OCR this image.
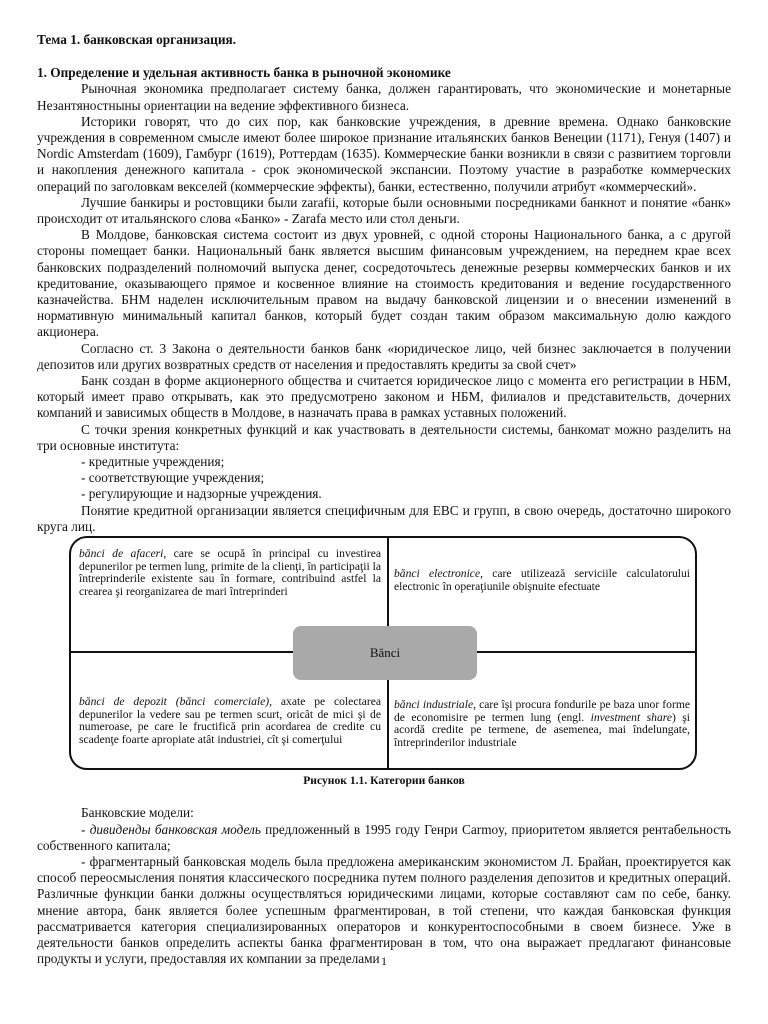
Тема 1. банковская организация.

1. Определение и удельная активность банка в рыночной экономике

Рыночная экономика предполагает систему банка, должен гарантировать, что экономические и монетарные Незантяностныны ориентации на ведение эффективного бизнеса.

Историки говорят, что до сих пор, как банковские учреждения, в древние времена. Однако банковские учреждения в современном смысле имеют более широкое признание итальянских банков Венеции (1171), Генуя (1407) и Nordic Amsterdam (1609), Гамбург (1619), Роттердам (1635). Коммерческие банки возникли в связи с развитием торговли и накопления денежного капитала - срок экономической экспансии. Поэтому участие в разработке коммерческих операций по заголовкам векселей (коммерческие эффекты), банки, естественно, получили атрибут «коммерческий».

Лучшие банкиры и ростовщики были zarafii, которые были основными посредниками банкнот и понятие «банк» происходит от итальянского слова «Банко» - Zarafa место или стол деньги.

В Молдове, банковская система состоит из двух уровней, с одной стороны Национального банка, а с другой стороны помещает банки. Национальный банк является высшим финансовым учреждением, на переднем крае всех банковских подразделений полномочий выпуска денег, сосредоточьтесь денежные резервы коммерческих банков и их кредитование, оказывающего прямое и косвенное влияние на стоимость кредитования и ведение государственного казначейства. БНМ наделен исключительным правом на выдачу банковской лицензии и о внесении изменений в нормативную минимальный капитал банков, который будет создан таким образом максимальную долю каждого акционера.

Согласно ст. 3 Закона о деятельности банков банк «юридическое лицо, чей бизнес заключается в получении депозитов или других возвратных средств от населения и предоставлять кредиты за свой счет»

Банк создан в форме акционерного общества и считается юридическое лицо с момента его регистрации в НБМ, который имеет право открывать, как это предусмотрено законом и НБМ, филиалов и представительств, дочерних компаний и зависимых обществ в Молдове, в назначать права в рамках уставных положений.

С точки зрения конкретных функций и как участвовать в деятельности системы, банкомат можно разделить на три основные института:

- кредитные учреждения;

- соответствующие учреждения;

- регулирующие и надзорные учреждения.

Понятие кредитной организации является специфичным для ЕВС и групп, в свою очередь, достаточно широкого круга лиц.

bănci de afaceri, care se ocupă în principal cu investirea depunerilor pe termen lung, primite de la clienţi, în participaţii la întreprinderile existente sau în formare, contribuind astfel la crearea şi reorganizarea de mari întreprinderi
bănci electronice, care utilizează serviciile calculatorului electronic în operaţiunile obişnuite efectuate
bănci de depozit (bănci comerciale), axate pe colectarea depunerilor la vedere sau pe termen scurt, oricât de mici şi de numeroase, pe care le fructifică prin acordarea de credite cu scadenţe foarte apropiate atât industriei, cît şi comerţului
bănci industriale, care îşi procura fondurile pe baza unor forme de economisire pe termen lung (engl. investment share) şi acordă credite pe termene, de asemenea, mai îndelungate, întreprinderilor industriale
Bănci

Рисунок 1.1. Категории банков

Банковские модели:

- дивиденды банковская модель предложенный в 1995 году Генри Carmoy, приоритетом является рентабельность собственного капитала;

- фрагментарный банковская модель была предложена американским экономистом Л. Брайан, проектируется как способ переосмысления понятия классического посредника путем полного разделения депозитов и кредитных операций. Различные функции банки должны осуществляться юридическими лицами, которые составляют сам по себе, банку. мнение автора, банк является более успешным фрагментирован, в той степени, что каждая банковская функция рассматривается категория специализированных операторов и конкурентоспособными в своем бизнесе. Уже в деятельности банков определить аспекты банка фрагментирован в том, что она выражает предлагают финансовые продукты и услуги, предоставляя их компании за пределами 1
